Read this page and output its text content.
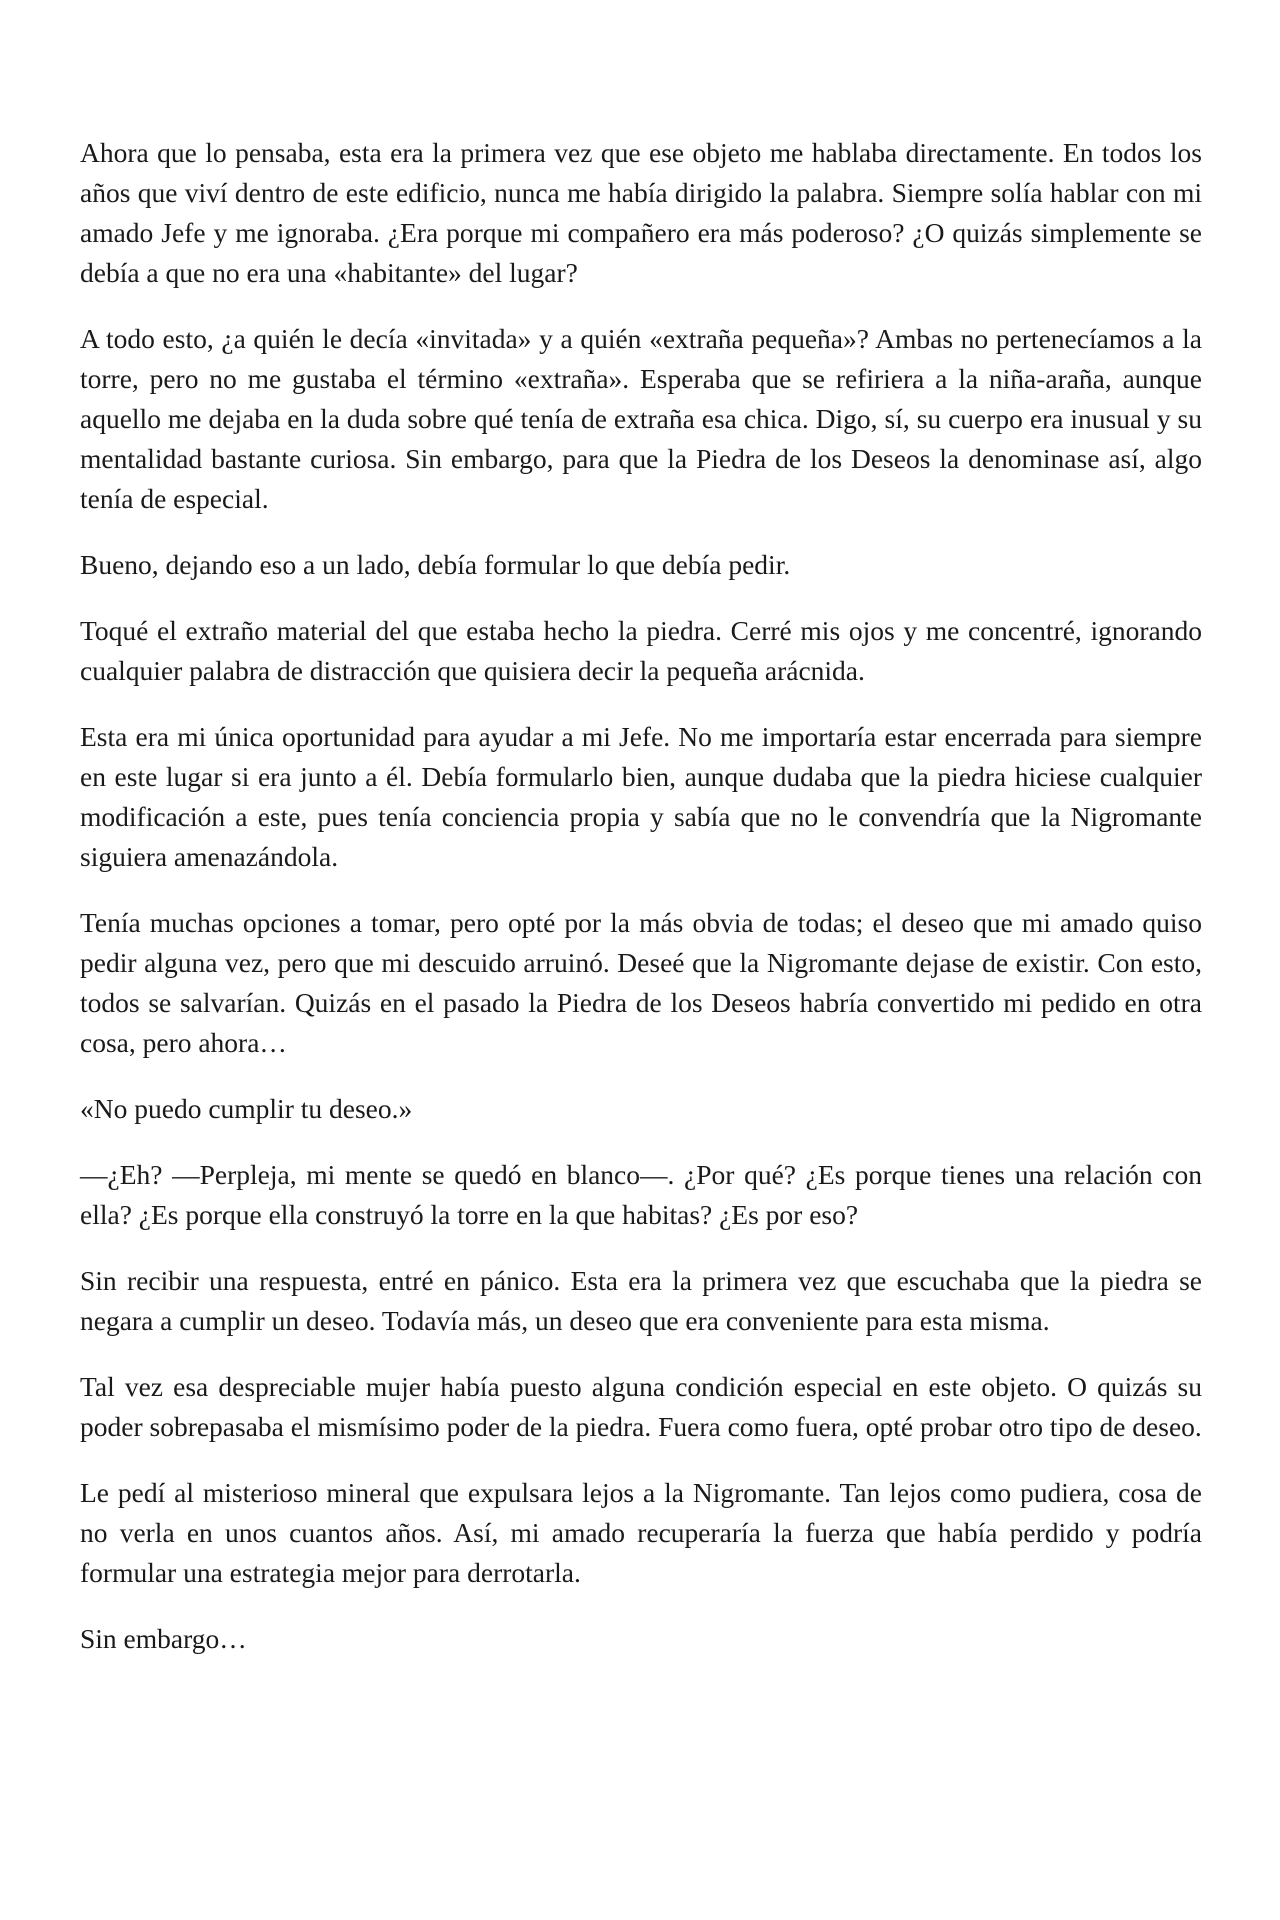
Ahora que lo pensaba, esta era la primera vez que ese objeto me hablaba directamente. En todos los años que viví dentro de este edificio, nunca me había dirigido la palabra. Siempre solía hablar con mi amado Jefe y me ignoraba. ¿Era porque mi compañero era más poderoso? ¿O quizás simplemente se debía a que no era una «habitante» del lugar?

A todo esto, ¿a quién le decía «invitada» y a quién «extraña pequeña»? Ambas no pertenecíamos a la torre, pero no me gustaba el término «extraña». Esperaba que se refiriera a la niña-araña, aunque aquello me dejaba en la duda sobre qué tenía de extraña esa chica. Digo, sí, su cuerpo era inusual y su mentalidad bastante curiosa. Sin embargo, para que la Piedra de los Deseos la denominase así, algo tenía de especial.

Bueno, dejando eso a un lado, debía formular lo que debía pedir.

Toqué el extraño material del que estaba hecho la piedra. Cerré mis ojos y me concentré, ignorando cualquier palabra de distracción que quisiera decir la pequeña arácnida.

Esta era mi única oportunidad para ayudar a mi Jefe. No me importaría estar encerrada para siempre en este lugar si era junto a él. Debía formularlo bien, aunque dudaba que la piedra hiciese cualquier modificación a este, pues tenía conciencia propia y sabía que no le convendría que la Nigromante siguiera amenazándola.

Tenía muchas opciones a tomar, pero opté por la más obvia de todas; el deseo que mi amado quiso pedir alguna vez, pero que mi descuido arruinó. Deseé que la Nigromante dejase de existir. Con esto, todos se salvarían. Quizás en el pasado la Piedra de los Deseos habría convertido mi pedido en otra cosa, pero ahora…

«No puedo cumplir tu deseo.»

—¿Eh? —Perpleja, mi mente se quedó en blanco—. ¿Por qué? ¿Es porque tienes una relación con ella? ¿Es porque ella construyó la torre en la que habitas? ¿Es por eso?

Sin recibir una respuesta, entré en pánico. Esta era la primera vez que escuchaba que la piedra se negara a cumplir un deseo. Todavía más, un deseo que era conveniente para esta misma.

Tal vez esa despreciable mujer había puesto alguna condición especial en este objeto. O quizás su poder sobrepasaba el mismísimo poder de la piedra. Fuera como fuera, opté probar otro tipo de deseo.

Le pedí al misterioso mineral que expulsara lejos a la Nigromante. Tan lejos como pudiera, cosa de no verla en unos cuantos años. Así, mi amado recuperaría la fuerza que había perdido y podría formular una estrategia mejor para derrotarla.

Sin embargo…
